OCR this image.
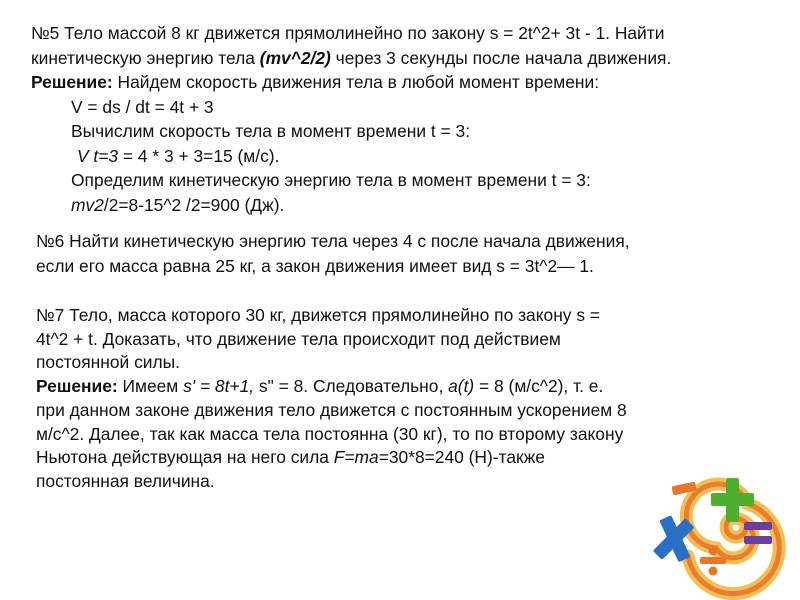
№5 Тело массой 8 кг движется прямолинейно по закону s = 2t^2+ 3t - 1. Найти
кинетическую энергию тела (mv^2/2) через 3 секунды после начала движения.
Решение: Найдем скорость движения тела в любой момент времени:
V = ds / dt = 4t + 3
Вычислим скорость тела в момент времени t = 3:
V t=3 = 4 * 3 + 3=15 (м/с).
Определим кинетическую энергию тела в момент времени t = 3:
mv2/2=8-15^2 /2=900 (Дж).
№6 Найти кинетическую энергию тела через 4 с после начала движения,
если его масса равна 25 кг, а закон движения имеет вид s = 3t^2— 1.
№7 Тело, масса которого 30 кг, движется прямолинейно по закону s =
4t^2 + t. Доказать, что движение тела происходит под действием
постоянной силы.
Решение: Имеем s' = 8t+1, s" = 8. Следовательно, a(t) = 8 (м/с^2), т. е.
при данном законе движения тело движется с постоянным ускорением 8
м/с^2. Далее, так как масса тела постоянна (30 кг), то по второму закону
Ньютона действующая на него сила F=ma=30*8=240 (Н)-также
постоянная величина.
